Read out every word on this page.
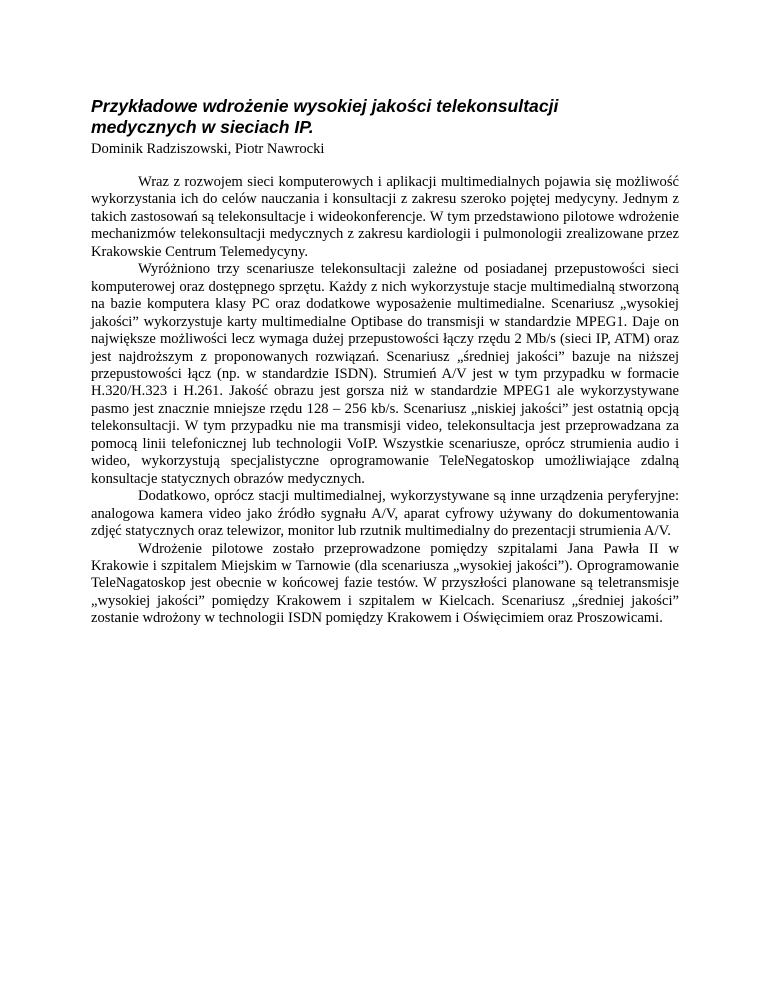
Przykładowe wdrożenie wysokiej jakości telekonsultacji
medycznych w sieciach IP.

Dominik Radziszowski, Piotr Nawrocki

Wraz z rozwojem sieci komputerowych i aplikacji multimedialnych pojawia się możliwość wykorzystania ich do celów nauczania i konsultacji z zakresu szeroko pojętej medycyny. Jednym z takich zastosowań są telekonsultacje i wideokonferencje. W tym przedstawiono pilotowe wdrożenie mechanizmów telekonsultacji medycznych z zakresu kardiologii i pulmonologii zrealizowane przez Krakowskie Centrum Telemedycyny.

Wyróżniono trzy scenariusze telekonsultacji zależne od posiadanej przepustowości sieci komputerowej oraz dostępnego sprzętu. Każdy z nich wykorzystuje stacje multimedialną stworzoną na bazie komputera klasy PC oraz dodatkowe wyposażenie multimedialne. Scenariusz „wysokiej jakości” wykorzystuje karty multimedialne Optibase do transmisji w standardzie MPEG1. Daje on największe możliwości lecz wymaga dużej przepustowości łączy rzędu 2 Mb/s (sieci IP, ATM) oraz jest najdroższym z proponowanych rozwiązań. Scenariusz „średniej jakości” bazuje na niższej przepustowości łącz (np. w standardzie ISDN). Strumień A/V jest w tym przypadku w formacie H.320/H.323 i H.261. Jakość obrazu jest gorsza niż w standardzie MPEG1 ale wykorzystywane pasmo jest znacznie mniejsze rzędu 128 – 256 kb/s. Scenariusz „niskiej jakości” jest ostatnią opcją telekonsultacji. W tym przypadku nie ma transmisji video, telekonsultacja jest przeprowadzana za pomocą linii telefonicznej lub technologii VoIP. Wszystkie scenariusze, oprócz strumienia audio i wideo, wykorzystują specjalistyczne oprogramowanie TeleNegatoskop umożliwiające zdalną konsultacje statycznych obrazów medycznych.

Dodatkowo, oprócz stacji multimedialnej, wykorzystywane są inne urządzenia peryferyjne: analogowa kamera video jako źródło sygnału A/V, aparat cyfrowy używany do dokumentowania zdjęć statycznych oraz telewizor, monitor lub rzutnik multimedialny do prezentacji strumienia A/V.

Wdrożenie pilotowe zostało przeprowadzone pomiędzy szpitalami Jana Pawła II w Krakowie i szpitalem Miejskim w Tarnowie (dla scenariusza „wysokiej jakości”). Oprogramowanie TeleNagatoskop jest obecnie w końcowej fazie testów. W przyszłości planowane są teletransmisje „wysokiej jakości” pomiędzy Krakowem i szpitalem w Kielcach. Scenariusz „średniej jakości” zostanie wdrożony w technologii ISDN pomiędzy Krakowem i Oświęcimiem oraz Proszowicami.
